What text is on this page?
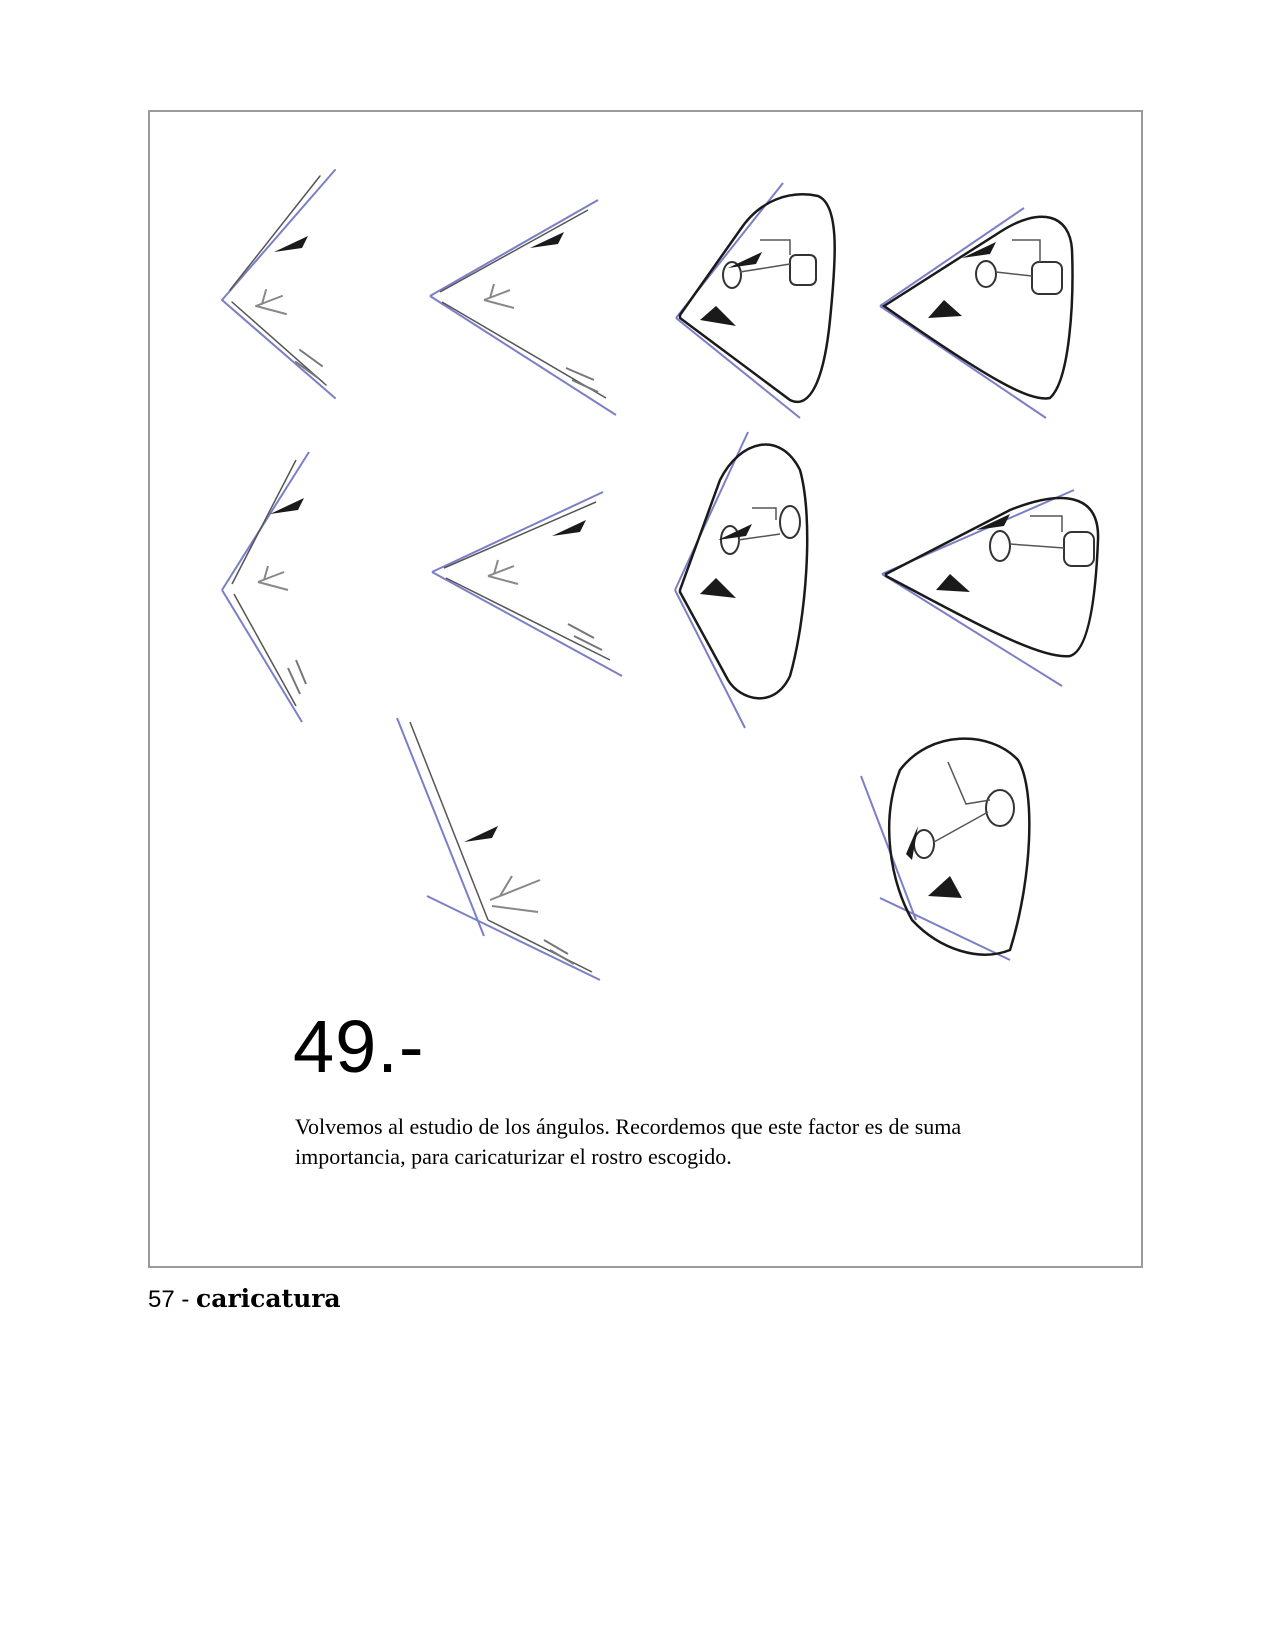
49.-

Volvemos al estudio de los ángulos. Recordemos que este factor es de suma importancia, para caricaturizar el rostro escogido.

57 - caricatura
